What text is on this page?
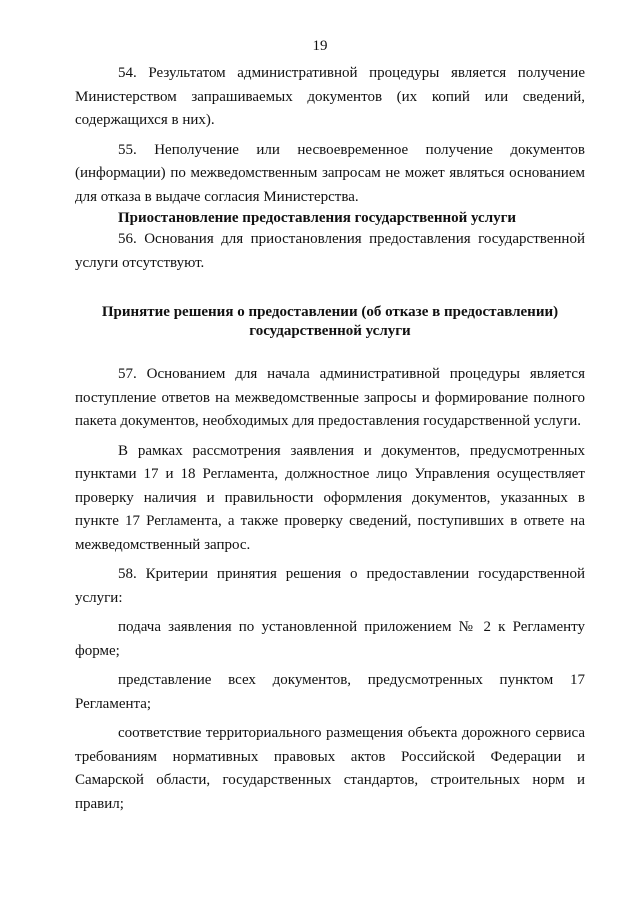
19

54. Результатом административной процедуры является получение Министерством запрашиваемых документов (их копий или сведений, содержащихся в них).

55. Неполучение или несвоевременное получение документов (информации) по межведомственным запросам не может являться основанием для отказа в выдаче согласия Министерства.

Приостановление предоставления государственной услуги

56. Основания для приостановления предоставления государственной услуги отсутствуют.

Принятие решения о предоставлении (об отказе в предоставлении)
государственной услуги

57. Основанием для начала административной процедуры является поступление ответов на межведомственные запросы и формирование полного пакета документов, необходимых для предоставления государственной услуги.

В рамках рассмотрения заявления и документов, предусмотренных пунктами 17 и 18 Регламента, должностное лицо Управления осуществляет проверку наличия и правильности оформления документов, указанных в пункте 17 Регламента, а также проверку сведений, поступивших в ответе на межведомственный запрос.

58. Критерии принятия решения о предоставлении государственной услуги:

подача заявления по установленной приложением № 2 к Регламенту форме;

представление всех документов, предусмотренных пунктом 17 Регламента;

соответствие территориального размещения объекта дорожного сервиса требованиям нормативных правовых актов Российской Федерации и Самарской области, государственных стандартов, строительных норм и правил;
